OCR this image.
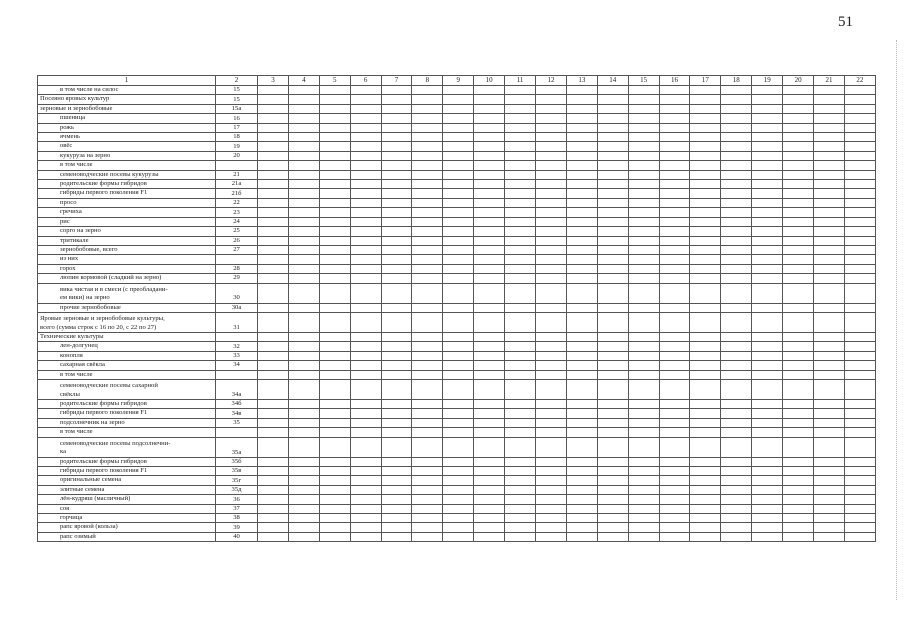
51
1	2	3	4	5	6	7	8	9	10	11	12	13	14	15	16	17	18	19	20	21	22

в том числе на силос	15																				

Посеяно яровых культур	15																				

зерновые и зернобобовые	15а																				

пшеница	16																				

рожь	17																				

ячмень	18																				

овёс	19																				

кукуруза на зерно	20																				

в том числе																					

семеноводческие посевы кукурузы	21																				

родительские формы гибридов	21а																				

гибриды первого поколения F1	21б																				

просо	22																				

гречиха	23																				

рис	24																				

сорго на зерно	25																				

тритикале	26																				

зернобобовые, всего	27																				

из них																					

горох	28																				

люпин кормовой (сладкий на зерно)	29																				

вика чистая и в смеси (с преобладани-
ем вики) на зерно	30																				

прочие зернобобовые	30а																				

Яровые зерновые и зернобобовые культуры,
всего (сумма строк с 16 по 20, с 22 по 27)	31																				

Технические культуры																					

лен-долгунец	32																				

конопля	33																				

сахарная свёкла	34																				

в том числе																					

семеноводческие посевы сахарной
свёклы	34а																				

родительские формы гибридов	34б																				

гибриды первого поколения F1	34в																				

подсолнечник на зерно	35																				

в том числе																					

семеноводческие посевы подсолнечни-
ка	35а																				

родительские формы гибридов	35б																				

гибриды первого поколения F1	35в																				

оригинальные семена	35г																				

элитные семена	35д																				

лён-кудряш (масличный)	36																				

соя	37																				

горчица	38																				

рапс яровой (кольза)	39																				

рапс озимый	40																				
